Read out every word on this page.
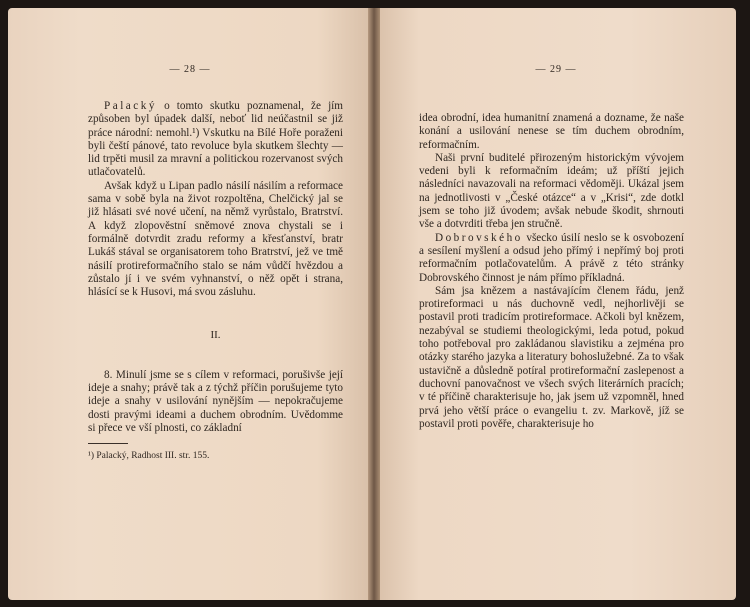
— 28 —

Palacký o tomto skutku poznamenal, že jím způsoben byl úpadek další, neboť lid neúčastnil se již práce národní: nemohl.¹) Vskutku na Bílé Hoře poraženi byli čeští pánové, tato revoluce byla skutkem šlechty — lid trpěti musil za mravní a politickou rozervanost svých utlačovatelů.

Avšak když u Lipan padlo násilí násilím a reformace sama v sobě byla na život rozpoltěna, Chelčický jal se již hlásati své nové učení, na němž vyrůstalo, Bratrství. A když zlopověstní sněmové znova chystali se i formálně dotvrdit zradu reformy a křesťanství, bratr Lukáš stával se organisatorem toho Bratrství, jež ve tmě násilí protireformačního stalo se nám vůdčí hvězdou a zůstalo jí i ve svém vyhnanství, o něž opět i strana, hlásící se k Husovi, má svou zásluhu.

II.

8. Minulí jsme se s cílem v reformaci, porušivše její ideje a snahy; právě tak a z týchž příčin porušujeme tyto ideje a snahy v usilování nynějším — nepokračujeme dosti pravými ideami a duchem obrodním. Uvědomme si přece ve vší plnosti, co základní

¹) Palacký, Radhost III. str. 155.
— 29 —

idea obrodní, idea humanitní znamená a dozname, že naše konání a usilování nenese se tím duchem obrodním, reformačním.

Naši první buditelé přirozeným historickým vývojem vedeni byli k reformačním ideám; už příští jejich následníci navazovali na reformaci vědoměji. Ukázal jsem na jednotlivosti v „České otázce“ a v „Krisi“, zde dotkl jsem se toho již úvodem; avšak nebude škodit, shrnouti vše a dotvrditi třeba jen stručně.

Dobrovského všecko úsilí neslo se k osvobození a sesílení myšlení a odsud jeho přímý i nepřímý boj proti reformačním potlačovatelům. A právě z této stránky Dobrovského činnost je nám přímo příkladná.

Sám jsa knězem a nastávajícím členem řádu, jenž protireformaci u nás duchovně vedl, nejhorlivěji se postavil proti tradicím protireformace. Ačkoli byl knězem, nezabýval se studiemi theologickými, leda potud, pokud toho potřeboval pro zakládanou slavistiku a zejména pro otázky starého jazyka a literatury bohoslužebné. Za to však ustavičně a důsledně potíral protireformační zaslepenost a duchovní panovačnost ve všech svých literárních pracích; v té příčině charakterisuje ho, jak jsem už vzpomněl, hned prvá jeho větší práce o evangeliu t. zv. Markově, jíž se postavil proti pověře, charakterisuje ho
